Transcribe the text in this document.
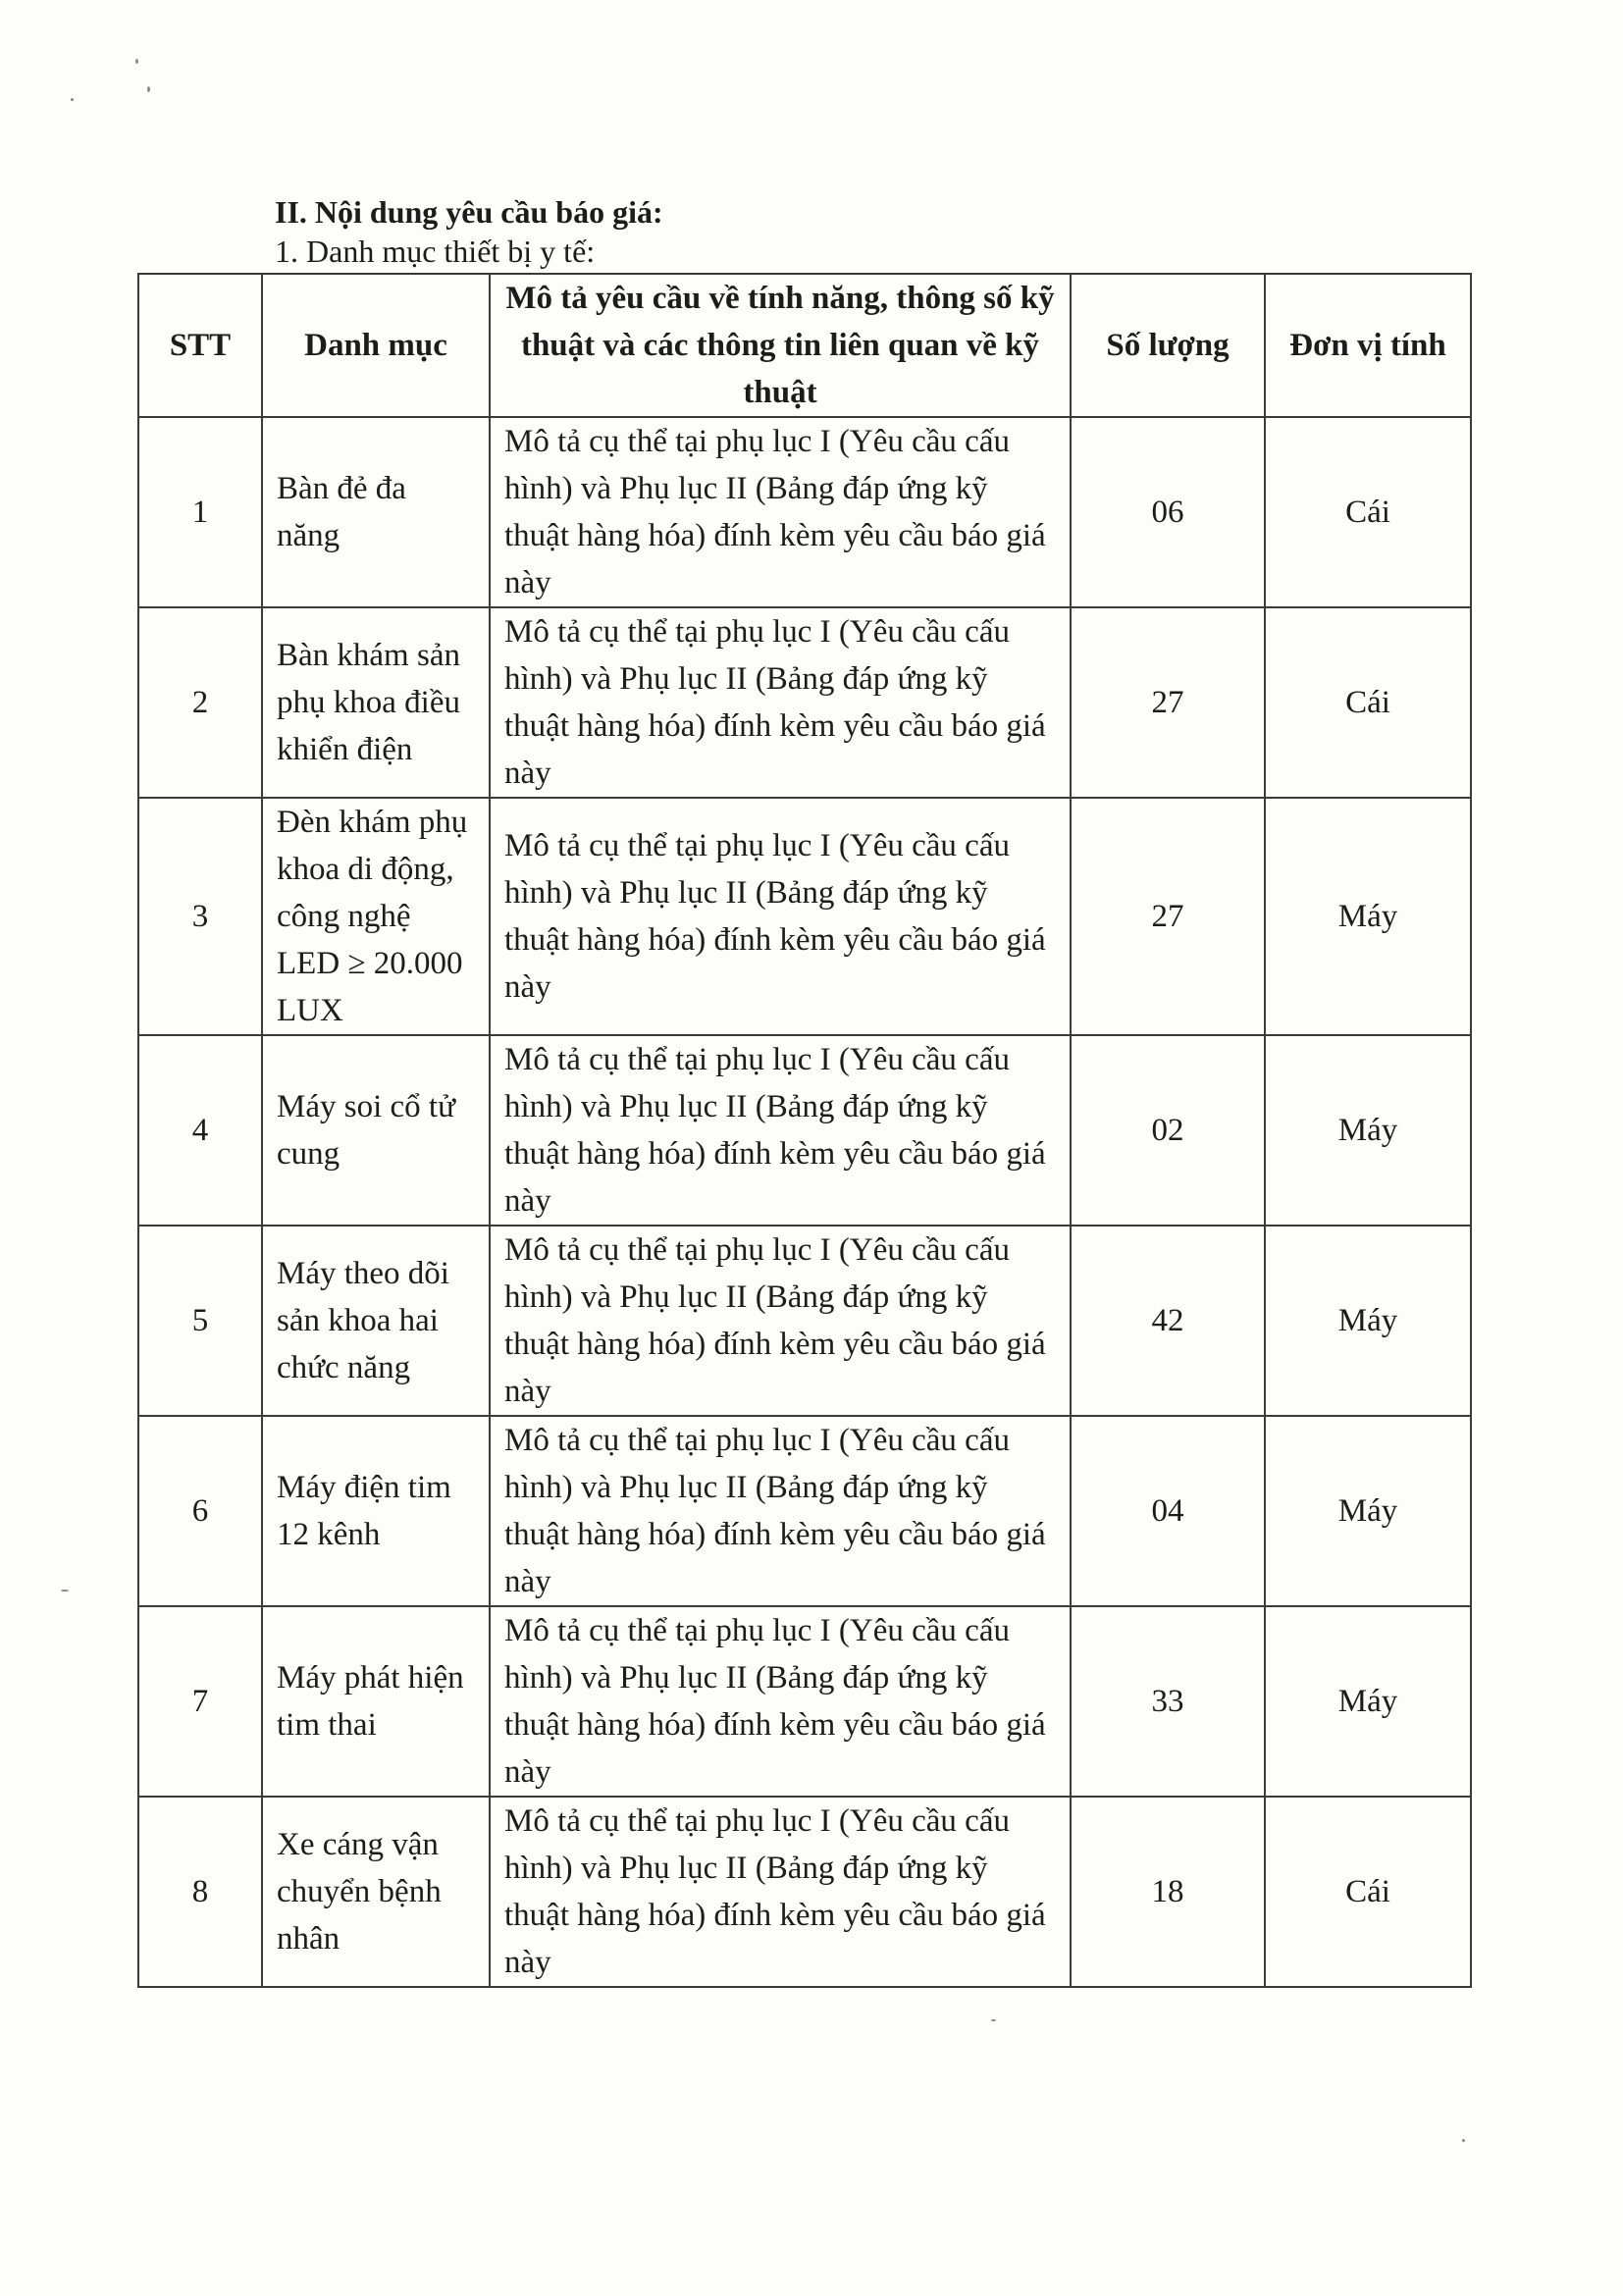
II. Nội dung yêu cầu báo giá:
1. Danh mục thiết bị y tế:
STT	Danh mục	Mô tả yêu cầu về tính năng, thông số kỹ thuật và các thông tin liên quan về kỹ thuật	Số lượng	Đơn vị tính
1	Bàn đẻ đa năng	Mô tả cụ thể tại phụ lục I (Yêu cầu cấu hình) và Phụ lục II (Bảng đáp ứng kỹ thuật hàng hóa) đính kèm yêu cầu báo giá này	06	Cái
2	Bàn khám sản phụ khoa điều khiển điện	Mô tả cụ thể tại phụ lục I (Yêu cầu cấu hình) và Phụ lục II (Bảng đáp ứng kỹ thuật hàng hóa) đính kèm yêu cầu báo giá này	27	Cái
3	Đèn khám phụ khoa di động, công nghệ LED ≥ 20.000 LUX	Mô tả cụ thể tại phụ lục I (Yêu cầu cấu hình) và Phụ lục II (Bảng đáp ứng kỹ thuật hàng hóa) đính kèm yêu cầu báo giá này	27	Máy
4	Máy soi cổ tử cung	Mô tả cụ thể tại phụ lục I (Yêu cầu cấu hình) và Phụ lục II (Bảng đáp ứng kỹ thuật hàng hóa) đính kèm yêu cầu báo giá này	02	Máy
5	Máy theo dõi sản khoa hai chức năng	Mô tả cụ thể tại phụ lục I (Yêu cầu cấu hình) và Phụ lục II (Bảng đáp ứng kỹ thuật hàng hóa) đính kèm yêu cầu báo giá này	42	Máy
6	Máy điện tim 12 kênh	Mô tả cụ thể tại phụ lục I (Yêu cầu cấu hình) và Phụ lục II (Bảng đáp ứng kỹ thuật hàng hóa) đính kèm yêu cầu báo giá này	04	Máy
7	Máy phát hiện tim thai	Mô tả cụ thể tại phụ lục I (Yêu cầu cấu hình) và Phụ lục II (Bảng đáp ứng kỹ thuật hàng hóa) đính kèm yêu cầu báo giá này	33	Máy
8	Xe cáng vận chuyển bệnh nhân	Mô tả cụ thể tại phụ lục I (Yêu cầu cấu hình) và Phụ lục II (Bảng đáp ứng kỹ thuật hàng hóa) đính kèm yêu cầu báo giá này	18	Cái
